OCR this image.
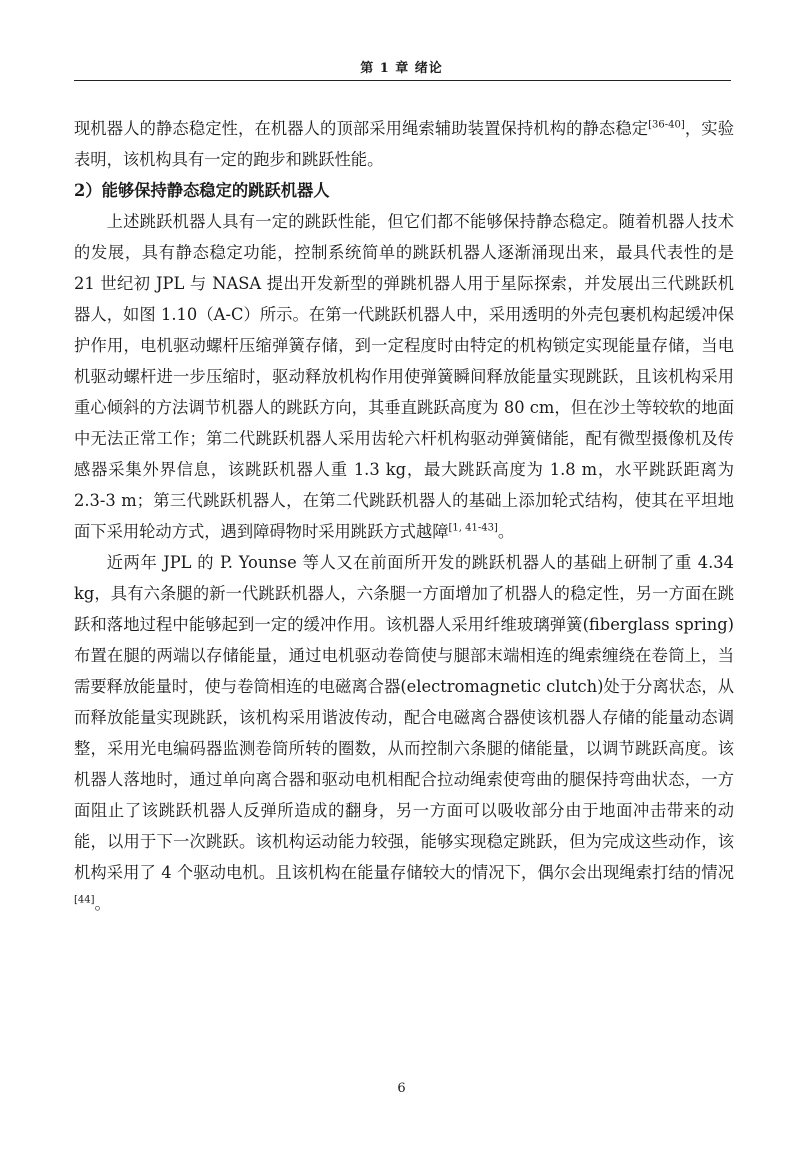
第 1 章 绪论

现机器人的静态稳定性，在机器人的顶部采用绳索辅助装置保持机构的静态稳定[36-40]，实验表明，该机构具有一定的跑步和跳跃性能。

2）能够保持静态稳定的跳跃机器人

上述跳跃机器人具有一定的跳跃性能，但它们都不能够保持静态稳定。随着机器人技术的发展，具有静态稳定功能，控制系统简单的跳跃机器人逐渐涌现出来，最具代表性的是 21 世纪初 JPL 与 NASA 提出开发新型的弹跳机器人用于星际探索，并发展出三代跳跃机器人，如图 1.10（A-C）所示。在第一代跳跃机器人中，采用透明的外壳包裹机构起缓冲保护作用，电机驱动螺杆压缩弹簧存储，到一定程度时由特定的机构锁定实现能量存储，当电机驱动螺杆进一步压缩时，驱动释放机构作用使弹簧瞬间释放能量实现跳跃，且该机构采用重心倾斜的方法调节机器人的跳跃方向，其垂直跳跃高度为 80 cm，但在沙土等较软的地面中无法正常工作；第二代跳跃机器人采用齿轮六杆机构驱动弹簧储能，配有微型摄像机及传感器采集外界信息，该跳跃机器人重 1.3 kg，最大跳跃高度为 1.8 m，水平跳跃距离为 2.3-3 m；第三代跳跃机器人，在第二代跳跃机器人的基础上添加轮式结构，使其在平坦地面下采用轮动方式，遇到障碍物时采用跳跃方式越障[1, 41-43]。

近两年 JPL 的 P. Younse 等人又在前面所开发的跳跃机器人的基础上研制了重 4.34 kg，具有六条腿的新一代跳跃机器人，六条腿一方面增加了机器人的稳定性，另一方面在跳跃和落地过程中能够起到一定的缓冲作用。该机器人采用纤维玻璃弹簧(fiberglass spring)布置在腿的两端以存储能量，通过电机驱动卷筒使与腿部末端相连的绳索缠绕在卷筒上，当需要释放能量时，使与卷筒相连的电磁离合器(electromagnetic clutch)处于分离状态，从而释放能量实现跳跃，该机构采用谐波传动，配合电磁离合器使该机器人存储的能量动态调整，采用光电编码器监测卷筒所转的圈数，从而控制六条腿的储能量，以调节跳跃高度。该机器人落地时，通过单向离合器和驱动电机相配合拉动绳索使弯曲的腿保持弯曲状态，一方面阻止了该跳跃机器人反弹所造成的翻身，另一方面可以吸收部分由于地面冲击带来的动能，以用于下一次跳跃。该机构运动能力较强，能够实现稳定跳跃，但为完成这些动作，该机构采用了 4 个驱动电机。且该机构在能量存储较大的情况下，偶尔会出现绳索打结的情况[44]。

6
